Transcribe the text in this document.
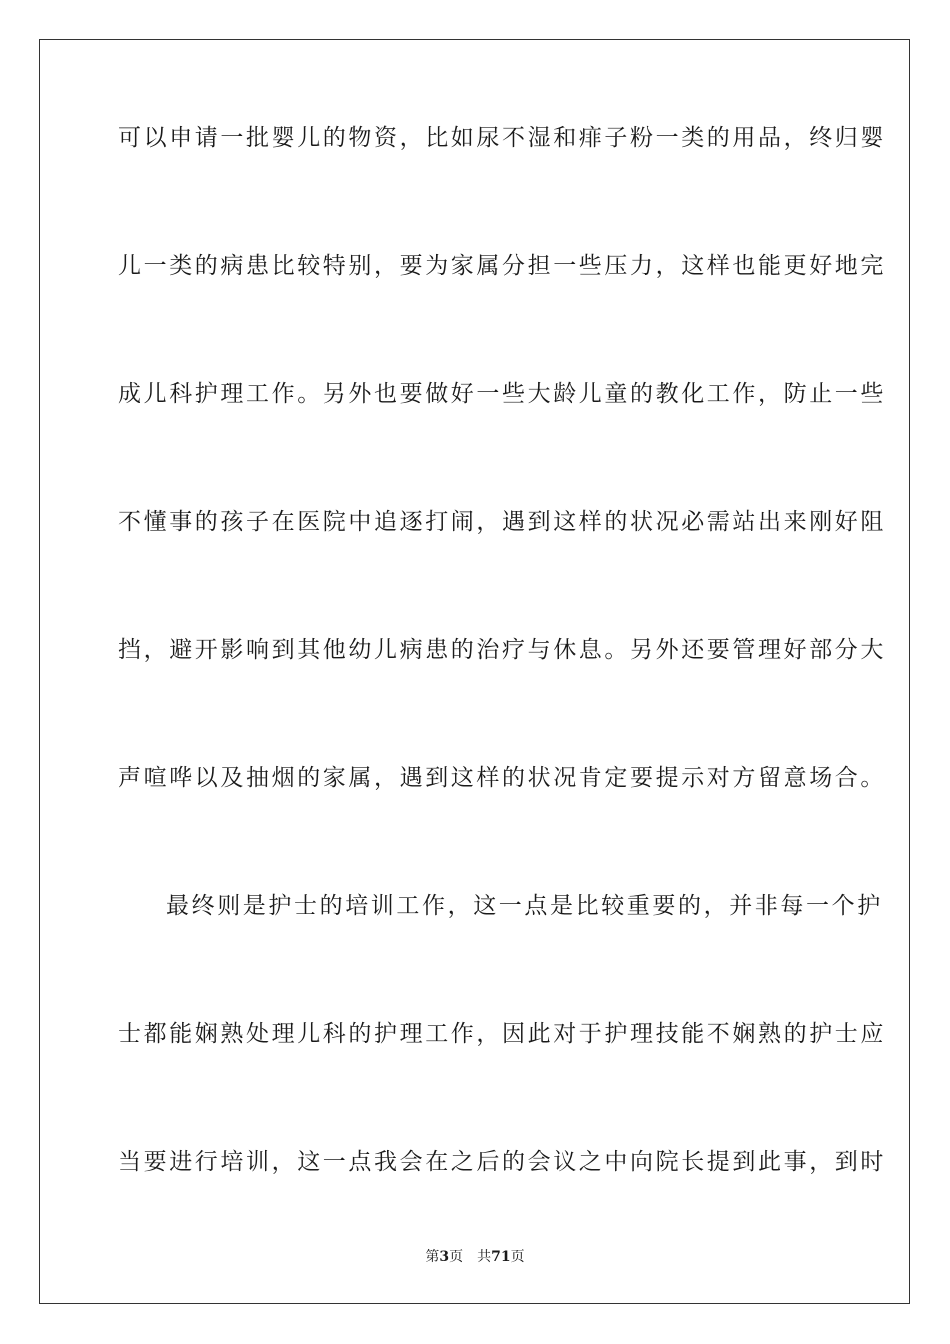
可以申请一批婴儿的物资，比如尿不湿和痱子粉一类的用品，终归婴
儿一类的病患比较特别，要为家属分担一些压力，这样也能更好地完
成儿科护理工作。另外也要做好一些大龄儿童的教化工作，防止一些
不懂事的孩子在医院中追逐打闹，遇到这样的状况必需站出来刚好阻
挡，避开影响到其他幼儿病患的治疗与休息。另外还要管理好部分大
声喧哗以及抽烟的家属，遇到这样的状况肯定要提示对方留意场合。
最终则是护士的培训工作，这一点是比较重要的，并非每一个护
士都能娴熟处理儿科的护理工作，因此对于护理技能不娴熟的护士应
当要进行培训，这一点我会在之后的会议之中向院长提到此事，到时
第3页 共71页
